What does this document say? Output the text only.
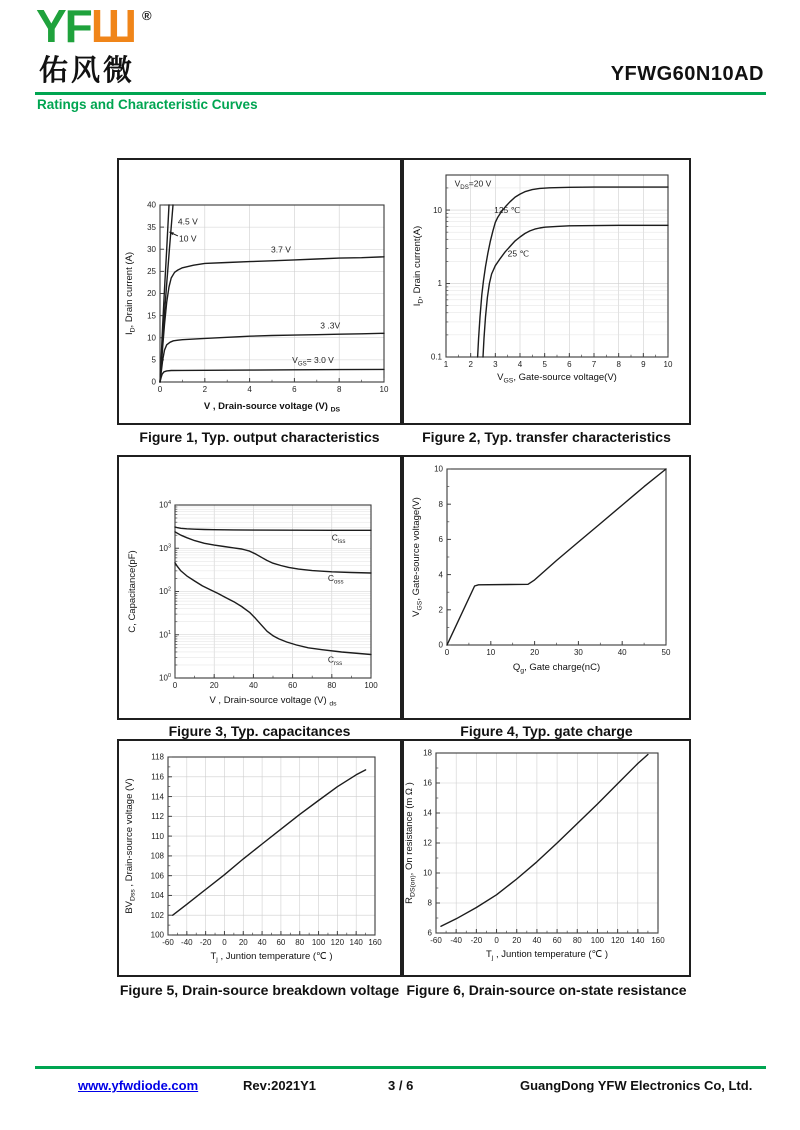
YFШ ®
佑风微	YFWG60N10AD
Ratings and Characteristic Curves
0	2	4	6	8	10
0
5
10
15
20
25
30
35
40
V , Drain-source voltage (V) $_{DS}$
$I_D$, Drain current (A)
4.5 V
10 V
3.7 V
3 .3V
$V_{GS}= 3.0$ V	1	2	3	4	5	6	7	8	9 10
0.1
1
10
$V_{GS}$, Gate-source voltage(V)
$I_D$, Drain current(A)
$V_{DS}=20$ V
125 ℃
25 ℃
Figure 1, Typ. output characteristics	Figure 2, Typ. transfer characteristics
0	20	40	60	80	100
$10^0$
$10^1$
$10^2$
$10^3$
$10^4$
V , Drain-source voltage (V) $_{ds}$
C, Capacitance(pF)
$C_{iss}$
$C_{oss}$
$C_{rss}$
0	10	20	30	40	50
0
2
4
6
8
10
$Q_g$, Gate charge(nC)
$V_{GS}$, Gate-source voltage(V)
Figure 3, Typ. capacitances	Figure 4, Typ. gate charge
-60 -40 -20 0 20 40 60 80 100 120 140 160
100
102
104
106
108
110
112
114
116
118
$T_j$ , Juntion temperature (℃ )
$BV_{Dss}$ , Drain-source voltage (V)
-60 -40 -20 0 20 40 60 80 100 120 140 160
6
8
10
12
14
16
18
$T_j$ , Juntion temperature (℃ )
$R_{DS(on)}$, On resistance (m Ω )
Figure 5, Drain-source breakdown voltage Figure 6, Drain-source on-state resistance
www.yfwdiode.com	Rev:2021Y1	3 / 6	GuangDong YFW Electronics Co, Ltd.
